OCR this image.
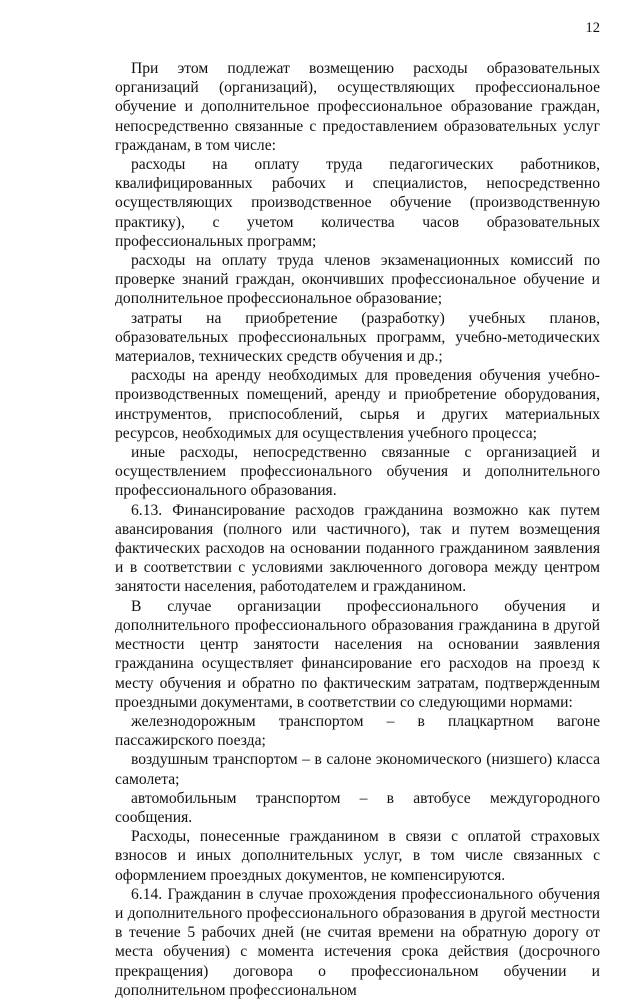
12

При этом подлежат возмещению расходы образовательных организаций (организаций), осуществляющих профессиональное обучение и дополнительное профессиональное образование граждан, непосредственно связанные с предоставлением образовательных услуг гражданам, в том числе:

расходы на оплату труда педагогических работников, квалифицированных рабочих и специалистов, непосредственно осуществляющих производственное обучение (производственную практику), с учетом количества часов образовательных профессиональных программ;

расходы на оплату труда членов экзаменационных комиссий по проверке знаний граждан, окончивших профессиональное обучение и дополнительное профессиональное образование;

затраты на приобретение (разработку) учебных планов, образовательных профессиональных программ, учебно-методических материалов, технических средств обучения и др.;

расходы на аренду необходимых для проведения обучения учебно-производственных помещений, аренду и приобретение оборудования, инструментов, приспособлений, сырья и других материальных ресурсов, необходимых для осуществления учебного процесса;

иные расходы, непосредственно связанные с организацией и осуществлением профессионального обучения и дополнительного профессионального образования.

6.13. Финансирование расходов гражданина возможно как путем авансирования (полного или частичного), так и путем возмещения фактических расходов на основании поданного гражданином заявления и в соответствии с условиями заключенного договора между центром занятости населения, работодателем и гражданином.

В случае организации профессионального обучения и дополнительного профессионального образования гражданина в другой местности центр занятости населения на основании заявления гражданина осуществляет финансирование его расходов на проезд к месту обучения и обратно по фактическим затратам, подтвержденным проездными документами, в соответствии со следующими нормами:

железнодорожным транспортом – в плацкартном вагоне пассажирского поезда;

воздушным транспортом – в салоне экономического (низшего) класса самолета;

автомобильным транспортом – в автобусе междугородного сообщения.

Расходы, понесенные гражданином в связи с оплатой страховых взносов и иных дополнительных услуг, в том числе связанных с оформлением проездных документов, не компенсируются.

6.14. Гражданин в случае прохождения профессионального обучения и дополнительного профессионального образования в другой местности в течение 5 рабочих дней (не считая времени на обратную дорогу от места обучения) с момента истечения срока действия (досрочного прекращения) договора о профессиональном обучении и дополнительном профессиональном
